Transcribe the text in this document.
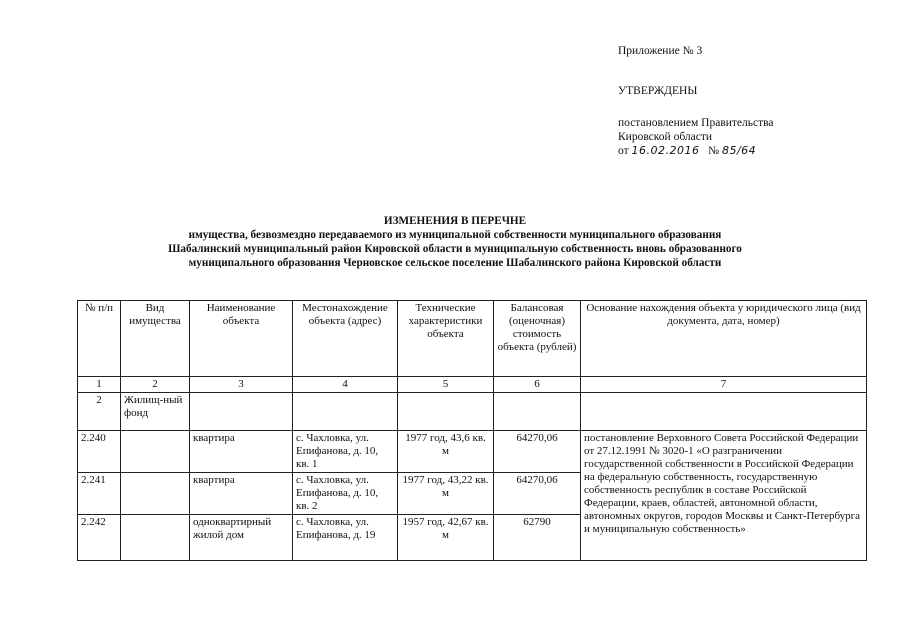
Приложение № 3

УТВЕРЖДЕНЫ

постановлением Правительства
Кировской области
от 16.02.2016 № 85/64
ИЗМЕНЕНИЯ В ПЕРЕЧНЕ
имущества, безвозмездно передаваемого из муниципальной собственности муниципального образования
Шабалинский муниципальный район Кировской области в муниципальную собственность вновь образованного
муниципального образования Черновское сельское поселение Шабалинского района Кировской области
№ п/п	Вид имущества	Наименование объекта	Местонахождение объекта (адрес)	Технические характеристики объекта	Балансовая (оценочная) стоимость объекта (рублей)	Основание нахождения объекта у юридического лица (вид документа, дата, номер)
1	2	3	4	5	6	7
2	Жилищ-ный фонд					
2.240		квартира	с. Чахловка, ул. Епифанова, д. 10, кв. 1	1977 год, 43,6 кв. м	64270,06	постановление Верховного Совета Российской Федерации от 27.12.1991 № 3020-1 «О разграничении государственной собственности в Российской Федерации на федеральную собственность, государственную собственность республик в составе Российской Федерации, краев, областей, автономной области, автономных округов, городов Москвы и Санкт-Петербурга и муниципальную собственность»
2.241		квартира	с. Чахловка, ул. Епифанова, д. 10, кв. 2	1977 год, 43,22 кв. м	64270,06	
2.242		одноквартирный жилой дом	с. Чахловка, ул. Епифанова, д. 19	1957 год, 42,67 кв. м	62790	
